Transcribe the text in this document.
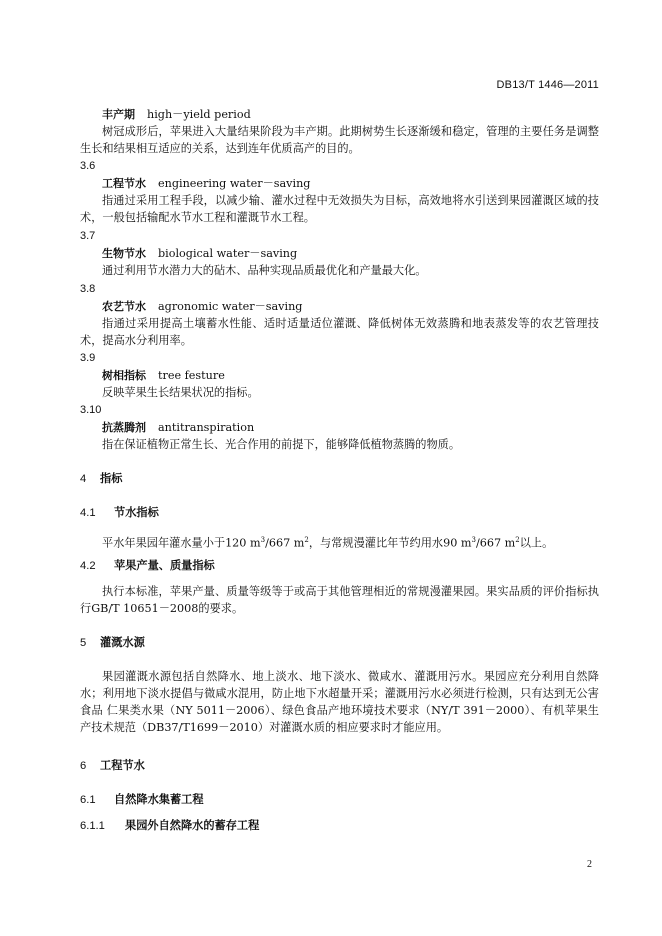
DB13/T 1446—2011
丰产期 high－yield period
树冠成形后，苹果进入大量结果阶段为丰产期。此期树势生长逐渐缓和稳定，管理的主要任务是调整生长和结果相互适应的关系，达到连年优质高产的目的。
3.6
工程节水 engineering water－saving
指通过采用工程手段，以减少输、灌水过程中无效损失为目标，高效地将水引送到果园灌溉区域的技术，一般包括输配水节水工程和灌溉节水工程。
3.7
生物节水 biological water－saving
通过利用节水潜力大的砧木、品种实现品质最优化和产量最大化。
3.8
农艺节水 agronomic water－saving
指通过采用提高土壤蓄水性能、适时适量适位灌溉、降低树体无效蒸腾和地表蒸发等的农艺管理技术，提高水分利用率。
3.9
树相指标 tree festure
反映苹果生长结果状况的指标。
3.10
抗蒸腾剂 antitranspiration
指在保证植物正常生长、光合作用的前提下，能够降低植物蒸腾的物质。
4 指标
4.1 节水指标
平水年果园年灌水量小于120 $m^3/667$ $m^2$，与常规漫灌比年节约用水90 $m^3/667$ $m^2$以上。
4.2 苹果产量、质量指标
执行本标准，苹果产量、质量等级等于或高于其他管理相近的常规漫灌果园。果实品质的评价指标执行GB/T 10651－2008的要求。
5 灌溉水源
果园灌溉水源包括自然降水、地上淡水、地下淡水、微咸水、灌溉用污水。果园应充分利用自然降水；利用地下淡水提倡与微咸水混用，防止地下水超量开采；灌溉用污水必须进行检测，只有达到无公害食品 仁果类水果（NY 5011－2006）、绿色食品产地环境技术要求（NY/T 391－2000）、有机苹果生产技术规范（DB37/T1699－2010）对灌溉水质的相应要求时才能应用。
6 工程节水
6.1 自然降水集蓄工程
6.1.1 果园外自然降水的蓄存工程
2
